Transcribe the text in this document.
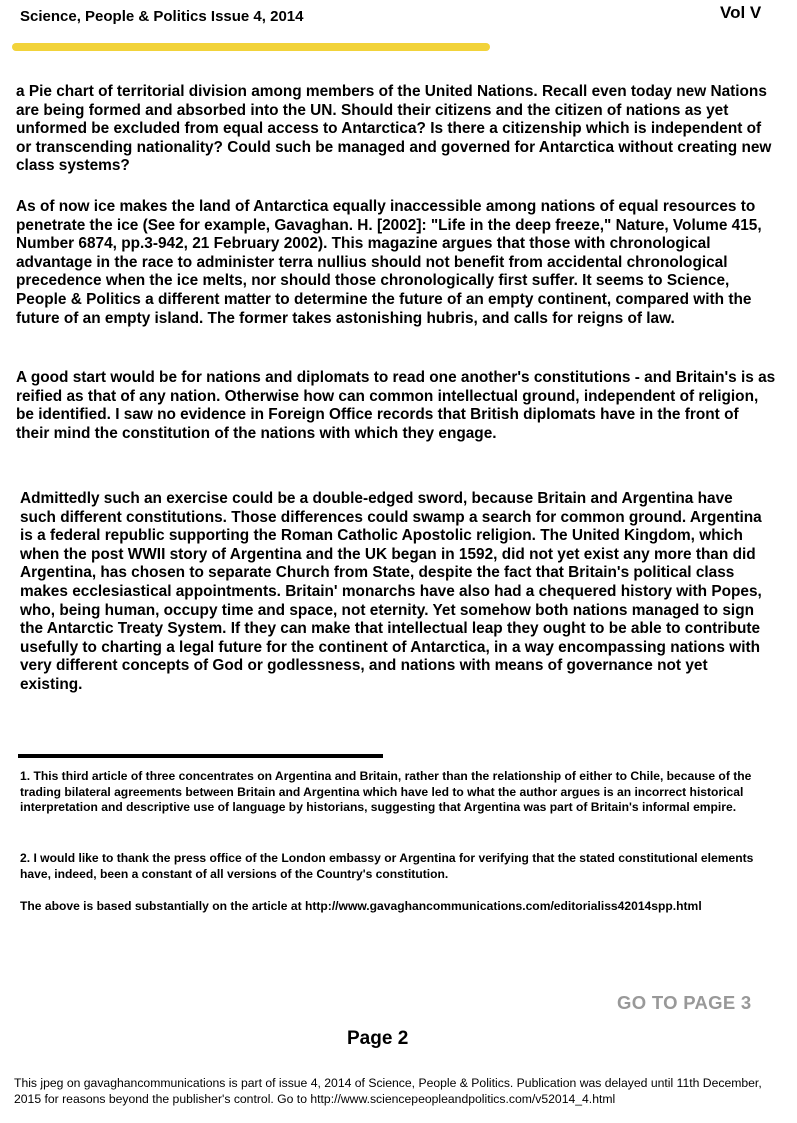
Science, People & Politics Issue 4, 2014	Vol V

a Pie chart of territorial division among members of the United Nations. Recall even today new Nations are being formed and absorbed into the UN. Should their citizens and the citizen of nations as yet unformed be excluded from equal access to Antarctica? Is there a citizenship which is independent of or transcending nationality? Could such be managed and governed for Antarctica without creating new class systems?

As of now ice makes the land of Antarctica equally inaccessible among nations of equal resources to penetrate the ice (See for example, Gavaghan. H. [2002]: "Life in the deep freeze," Nature, Volume 415, Number 6874, pp.3-942, 21 February 2002). This magazine argues that those with chronological advantage in the race to administer terra nullius should not benefit from accidental chronological precedence when the ice melts, nor should those chronologically first suffer. It seems to Science, People & Politics a different matter to determine the future of an empty continent, compared with the future of an empty island. The former takes astonishing hubris, and calls for reigns of law.

A good start would be for nations and diplomats to read one another's constitutions - and Britain's is as reified as that of any nation. Otherwise how can common intellectual ground, independent of religion, be identified. I saw no evidence in Foreign Office records that British diplomats have in the front of their mind the constitution of the nations with which they engage.

Admittedly such an exercise could be a double-edged sword, because Britain and Argentina have such different constitutions. Those differences could swamp a search for common ground. Argentina is a federal republic supporting the Roman Catholic Apostolic religion. The United Kingdom, which when the post WWII story of Argentina and the UK began in 1592, did not yet exist any more than did Argentina, has chosen to separate Church from State, despite the fact that Britain's political class makes ecclesiastical appointments. Britain' monarchs have also had a chequered history with Popes, who, being human, occupy time and space, not eternity. Yet somehow both nations managed to sign the Antarctic Treaty System. If they can make that intellectual leap they ought to be able to contribute usefully to charting a legal future for the continent of Antarctica, in a way encompassing nations with very different concepts of God or godlessness, and nations with means of governance not yet existing.

1. This third article of three concentrates on Argentina and Britain, rather than the relationship of either to Chile, because of the trading bilateral agreements between Britain and Argentina which have led to what the author argues is an incorrect historical interpretation and descriptive use of language by historians, suggesting that Argentina was part of Britain's informal empire.

2. I would like to thank the press office of the London embassy or Argentina for verifying that the stated constitutional elements have, indeed, been a constant of all versions of the Country's constitution.

The above is based substantially on the article at http://www.gavaghancommunications.com/editorialiss42014spp.html

GO TO PAGE 3
Page 2

This jpeg on gavaghancommunications is part of issue 4, 2014 of Science, People & Politics. Publication was delayed until 11th December, 2015 for reasons beyond the publisher's control. Go to http://www.sciencepeopleandpolitics.com/v52014_4.html
